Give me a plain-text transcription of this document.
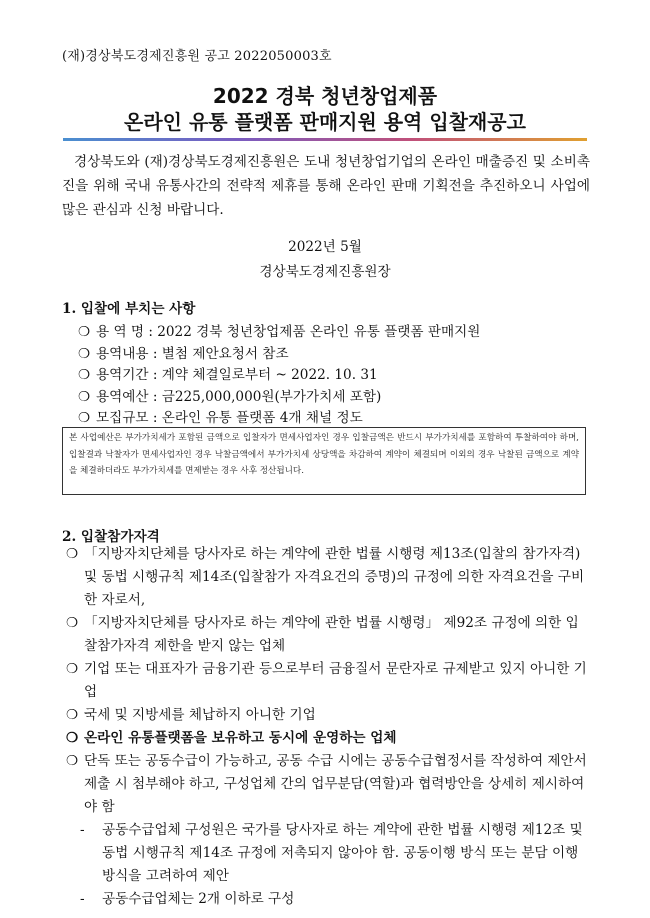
(재)경상북도경제진흥원 공고 2022050003호
2022 경북 청년창업제품
온라인 유통 플랫폼 판매지원 용역 입찰재공고

경상북도와 (재)경상북도경제진흥원은 도내 청년창업기업의 온라인 매출증진 및 소비촉진을 위해 국내 유통사간의 전략적 제휴를 통해 온라인 판매 기획전을 추진하오니 사업에 많은 관심과 신청 바랍니다.

2022년 5월
경상북도경제진흥원장
1. 입찰에 부치는 사항
❍ 용 역 명 : 2022 경북 청년창업제품 온라인 유통 플랫폼 판매지원
❍ 용역내용 : 별첨 제안요청서 참조
❍ 용역기간 : 계약 체결일로부터 ~ 2022. 10. 31
❍ 용역예산 : 금225,000,000원(부가가치세 포함)
❍ 모집규모 : 온라인 유통 플랫폼 4개 채널 정도
본 사업예산은 부가가치세가 포함된 금액으로 입찰자가 면세사업자인 경우 입찰금액은 반드시 부가가치세를 포함하여 투찰하여야 하며, 입찰결과 낙찰자가 면세사업자인 경우 낙찰금액에서 부가가치세 상당액을 차감하여 계약이 체결되며 이외의 경우 낙찰된 금액으로 계약을 체결하더라도 부가가치세를 면제받는 경우 사후 정산됩니다.
2. 입찰참가자격
❍ 「지방자치단체를 당사자로 하는 계약에 관한 법률 시행령 제13조(입찰의 참가자격) 및 동법 시행규칙 제14조(입찰참가 자격요건의 증명)의 규정에 의한 자격요건을 구비한 자로서,
❍ 「지방자치단체를 당사자로 하는 계약에 관한 법률 시행령」 제92조 규정에 의한 입찰참가자격 제한을 받지 않는 업체
❍ 기업 또는 대표자가 금융기관 등으로부터 금융질서 문란자로 규제받고 있지 아니한 기업
❍ 국세 및 지방세를 체납하지 아니한 기업
❍ 온라인 유통플랫폼을 보유하고 동시에 운영하는 업체
❍ 단독 또는 공동수급이 가능하고, 공동 수급 시에는 공동수급협정서를 작성하여 제안서 제출 시 첨부해야 하고, 구성업체 간의 업무분담(역할)과 협력방안을 상세히 제시하여야 함
- 공동수급업체 구성원은 국가를 당사자로 하는 계약에 관한 법률 시행령 제12조 및 동법 시행규칙 제14조 규정에 저촉되지 않아야 함. 공동이행 방식 또는 분담 이행 방식을 고려하여 제안
- 공동수급업체는 2개 이하로 구성
